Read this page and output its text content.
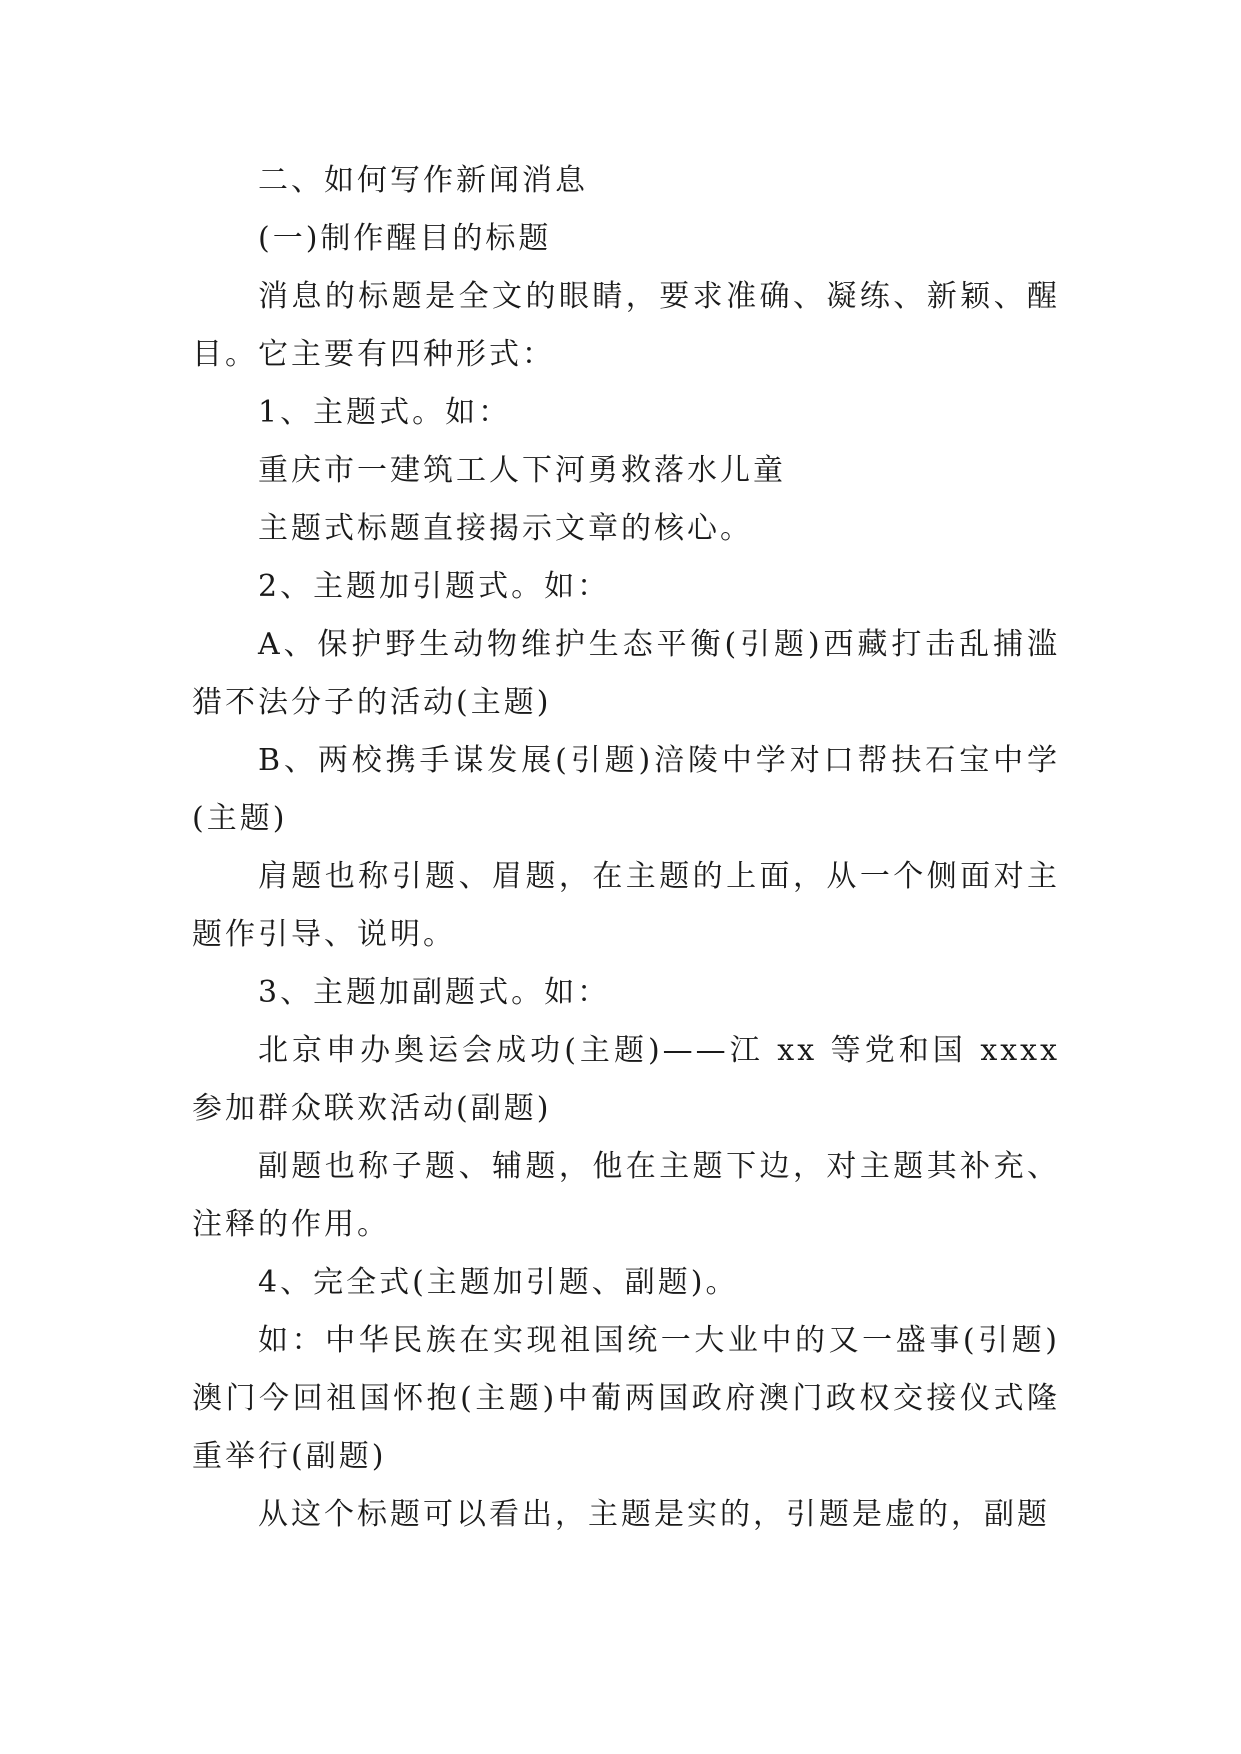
二、如何写作新闻消息

(一)制作醒目的标题

消息的标题是全文的眼睛，要求准确、凝练、新颖、醒目。它主要有四种形式：

1、主题式。如：

重庆市一建筑工人下河勇救落水儿童

主题式标题直接揭示文章的核心。

2、主题加引题式。如：

A、保护野生动物维护生态平衡(引题)西藏打击乱捕滥猎不法分子的活动(主题)

B、两校携手谋发展(引题)涪陵中学对口帮扶石宝中学(主题)

肩题也称引题、眉题，在主题的上面，从一个侧面对主题作引导、说明。

3、主题加副题式。如：

北京申办奥运会成功(主题)——江 xx 等党和国 xxxx 参加群众联欢活动(副题)

副题也称子题、辅题，他在主题下边，对主题其补充、注释的作用。

4、完全式(主题加引题、副题)。

如：中华民族在实现祖国统一大业中的又一盛事(引题)澳门今回祖国怀抱(主题)中葡两国政府澳门政权交接仪式隆重举行(副题)

从这个标题可以看出，主题是实的，引题是虚的，副题
